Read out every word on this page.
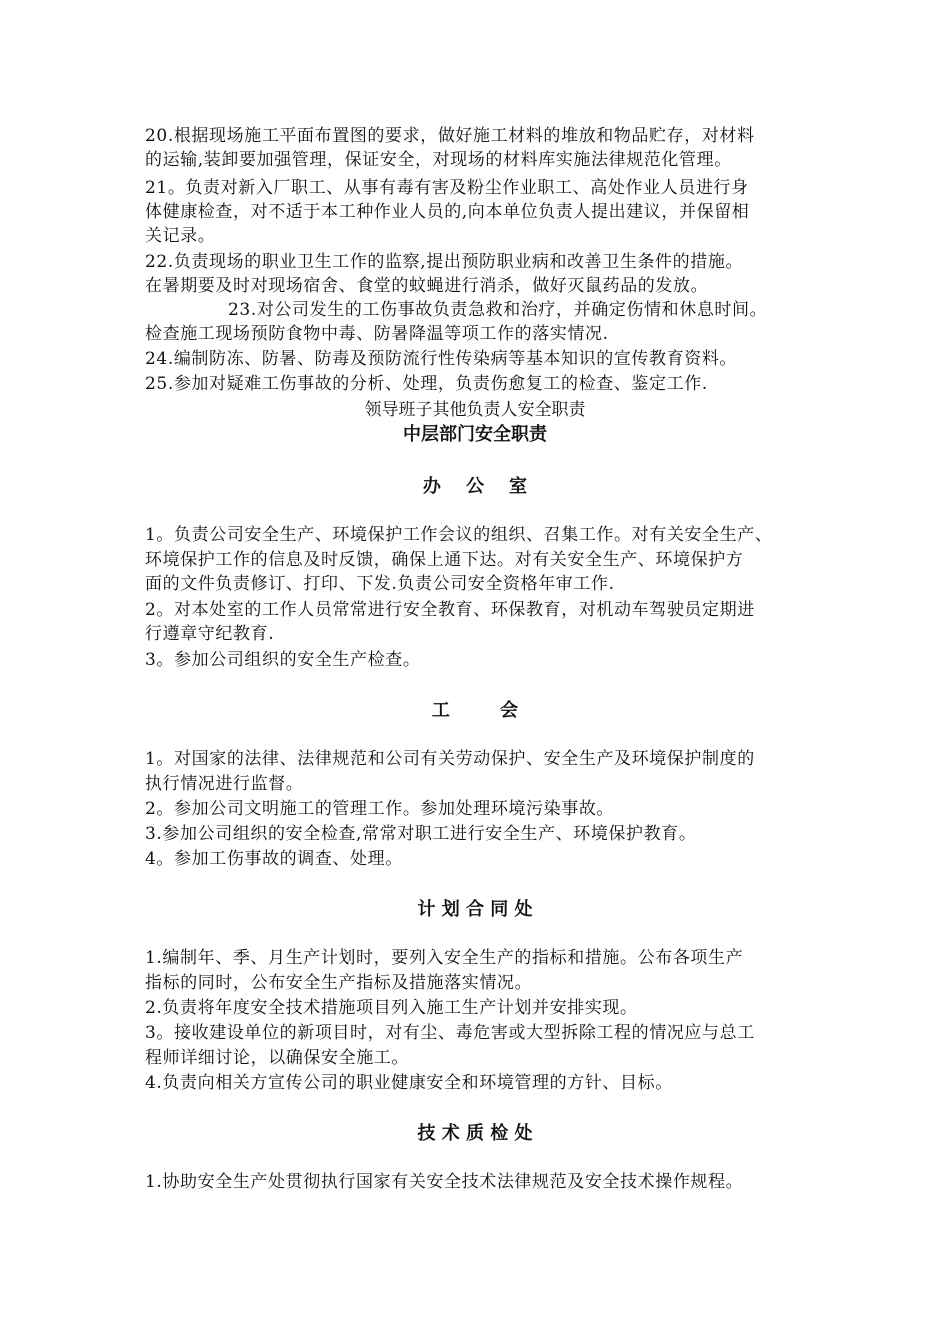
20.根据现场施工平面布置图的要求，做好施工材料的堆放和物品贮存，对材料
的运输,装卸要加强管理，保证安全，对现场的材料库实施法律规范化管理。
21。负责对新入厂职工、从事有毒有害及粉尘作业职工、高处作业人员进行身
体健康检查，对不适于本工种作业人员的,向本单位负责人提出建议，并保留相
关记录。
22.负责现场的职业卫生工作的监察,提出预防职业病和改善卫生条件的措施。
在暑期要及时对现场宿舍、食堂的蚊蝇进行消杀，做好灭鼠药品的发放。
23.对公司发生的工伤事故负责急救和治疗，并确定伤情和休息时间。
检查施工现场预防食物中毒、防暑降温等项工作的落实情况.
24.编制防冻、防暑、防毒及预防流行性传染病等基本知识的宣传教育资料。
25.参加对疑难工伤事故的分析、处理，负责伤愈复工的检查、鉴定工作.
领导班子其他负责人安全职责
中层部门安全职责
办    公    室
1。负责公司安全生产、环境保护工作会议的组织、召集工作。对有关安全生产、
环境保护工作的信息及时反馈，确保上通下达。对有关安全生产、环境保护方
面的文件负责修订、打印、下发.负责公司安全资格年审工作.
2。对本处室的工作人员常常进行安全教育、环保教育，对机动车驾驶员定期进
行遵章守纪教育.
3。参加公司组织的安全生产检查。
工        会
1。对国家的法律、法律规范和公司有关劳动保护、安全生产及环境保护制度的
执行情况进行监督。
2。参加公司文明施工的管理工作。参加处理环境污染事故。
3.参加公司组织的安全检查,常常对职工进行安全生产、环境保护教育。
4。参加工伤事故的调查、处理。
计 划 合 同 处
1.编制年、季、月生产计划时，要列入安全生产的指标和措施。公布各项生产
指标的同时，公布安全生产指标及措施落实情况。
2.负责将年度安全技术措施项目列入施工生产计划并安排实现。
3。接收建设单位的新项目时，对有尘、毒危害或大型拆除工程的情况应与总工
程师详细讨论，以确保安全施工。
4.负责向相关方宣传公司的职业健康安全和环境管理的方针、目标。
技 术 质 检 处
1.协助安全生产处贯彻执行国家有关安全技术法律规范及安全技术操作规程。
